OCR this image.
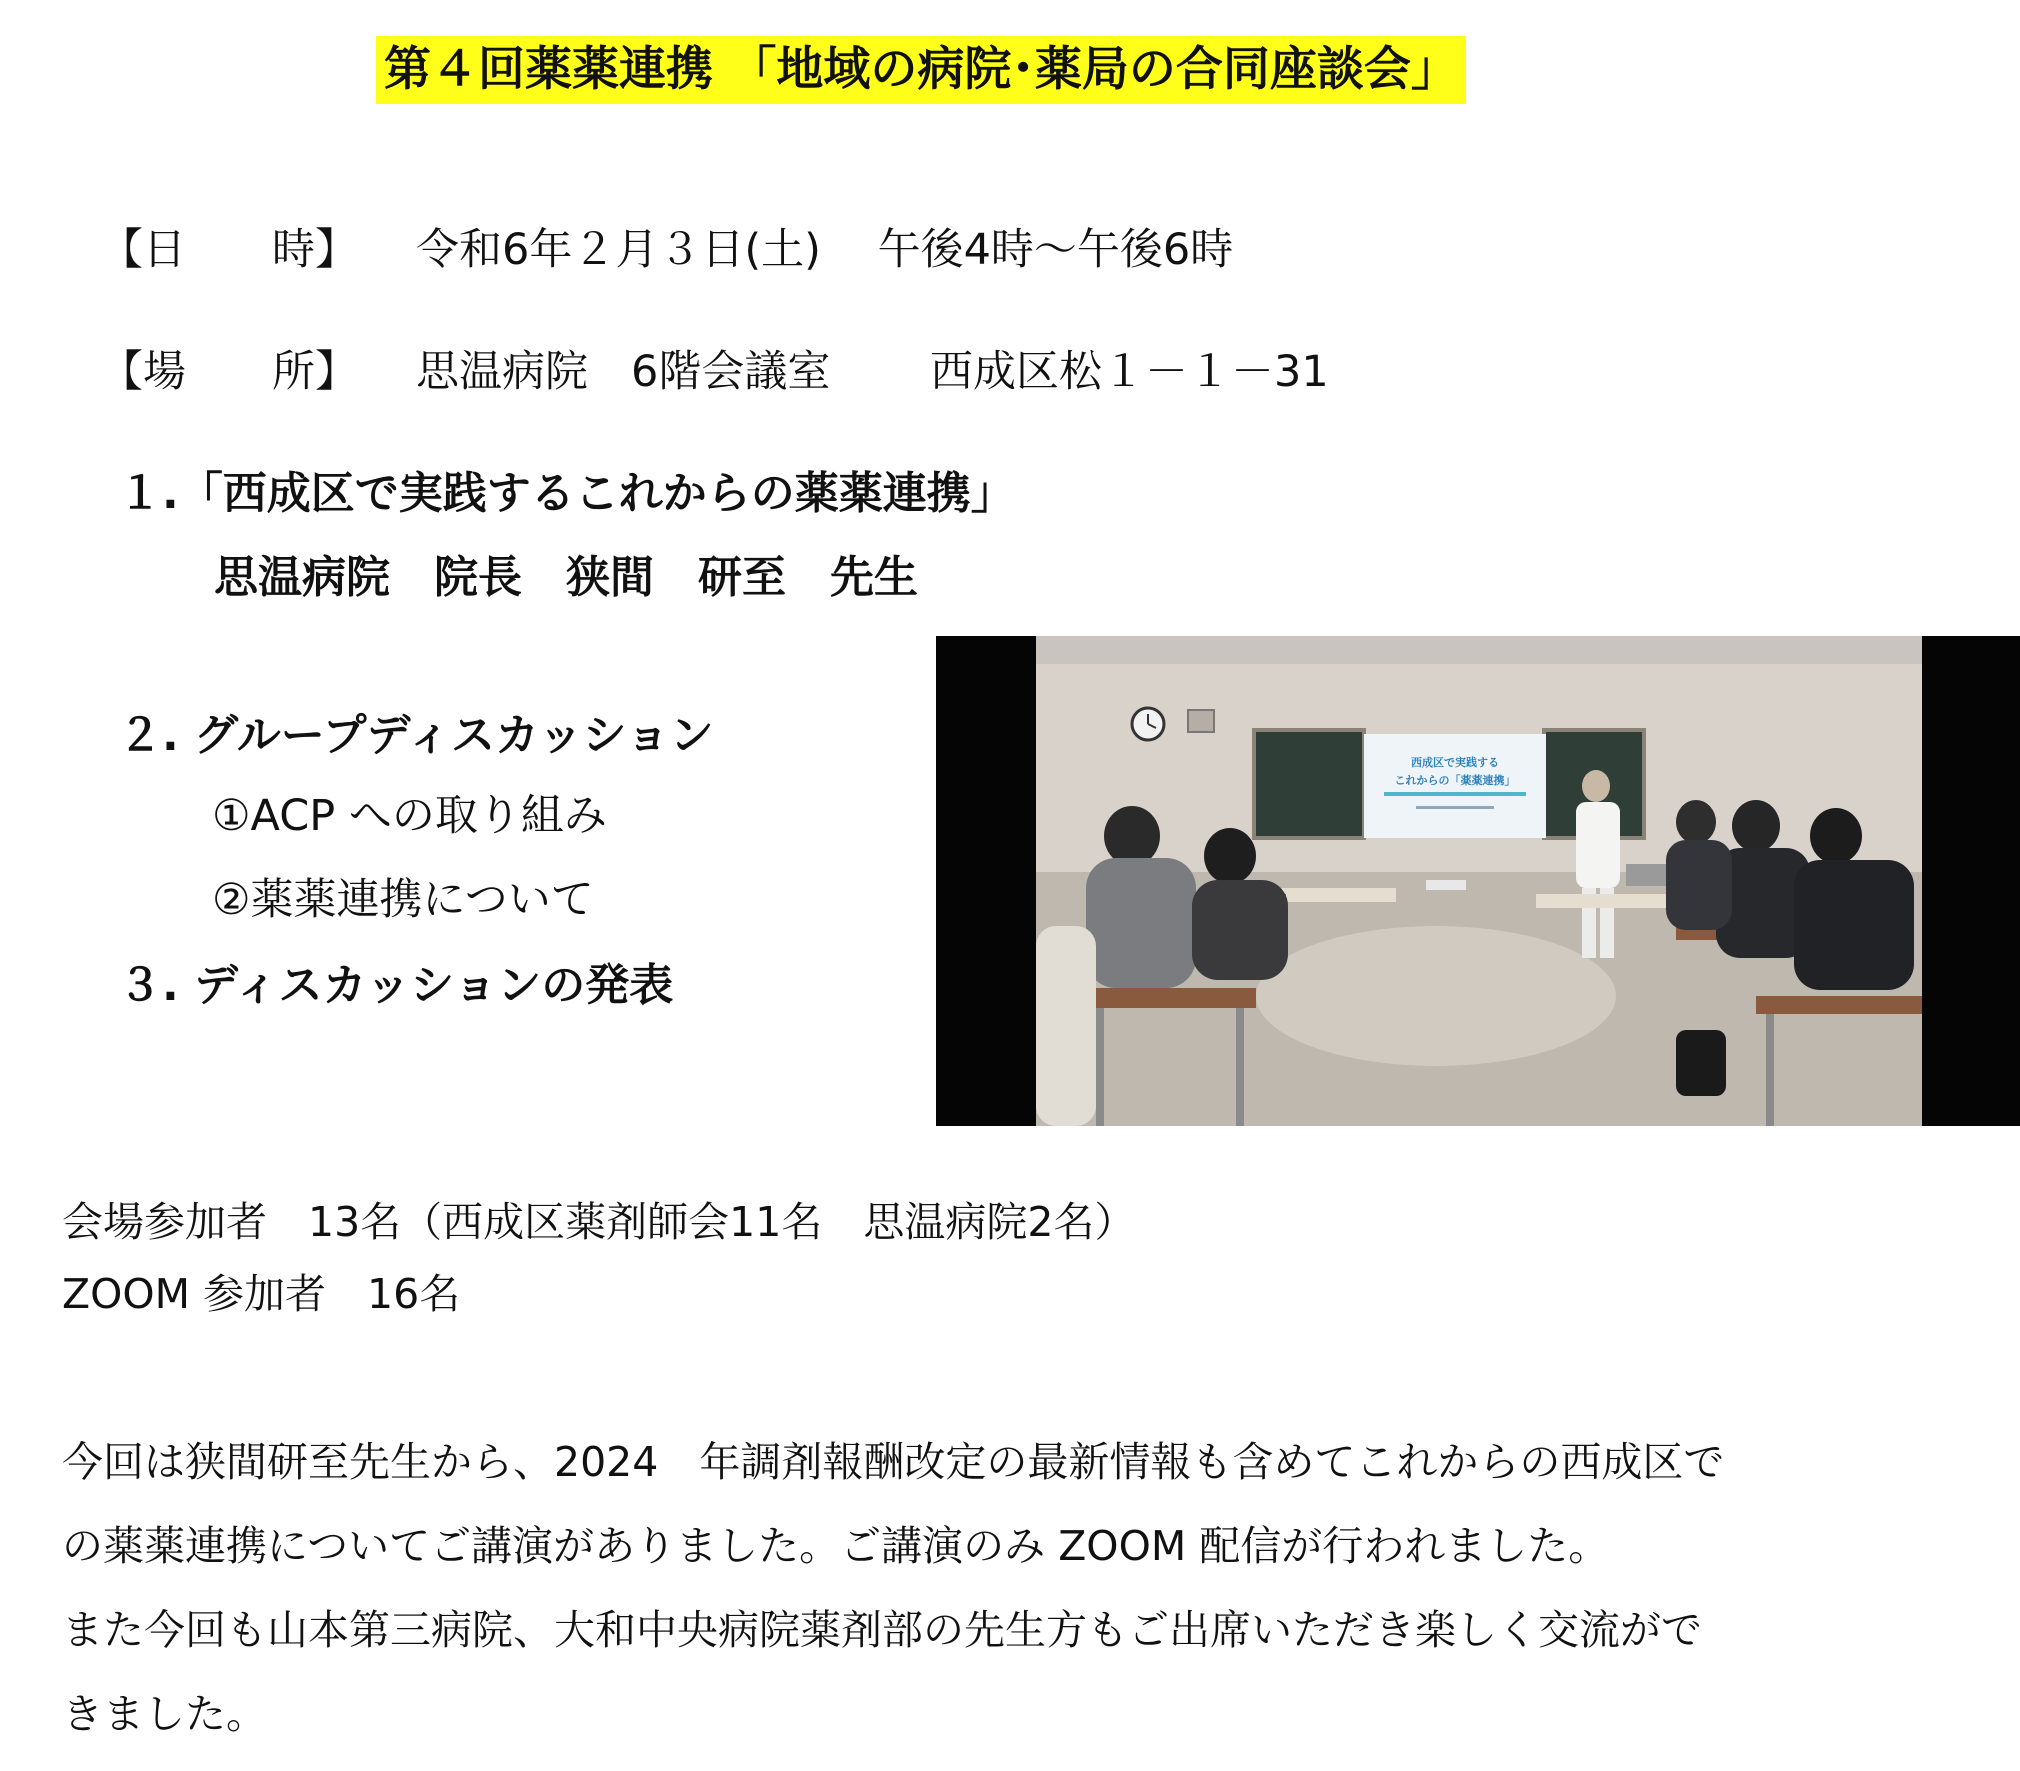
第４回薬薬連携 「地域の病院･薬局の合同座談会」
【日　　時】 令和6年２月３日(土)　 午後4時～午後6時
【場　　所】 思温病院　6階会議室　　 西成区松１－１－31
１.「西成区で実践するこれからの薬薬連携」
思温病院　院長　狭間　研至　先生
２. グループディスカッション
①ACP への取り組み
②薬薬連携について
３. ディスカッションの発表
西成区で実践する
これからの「薬薬連携」
会場参加者　13名（西成区薬剤師会11名　思温病院2名）
ZOOM 参加者　16名
今回は狭間研至先生から、2024　年調剤報酬改定の最新情報も含めてこれからの西成区で
の薬薬連携についてご講演がありました。ご講演のみ ZOOM 配信が行われました。
また今回も山本第三病院、大和中央病院薬剤部の先生方もご出席いただき楽しく交流がで
きました。
